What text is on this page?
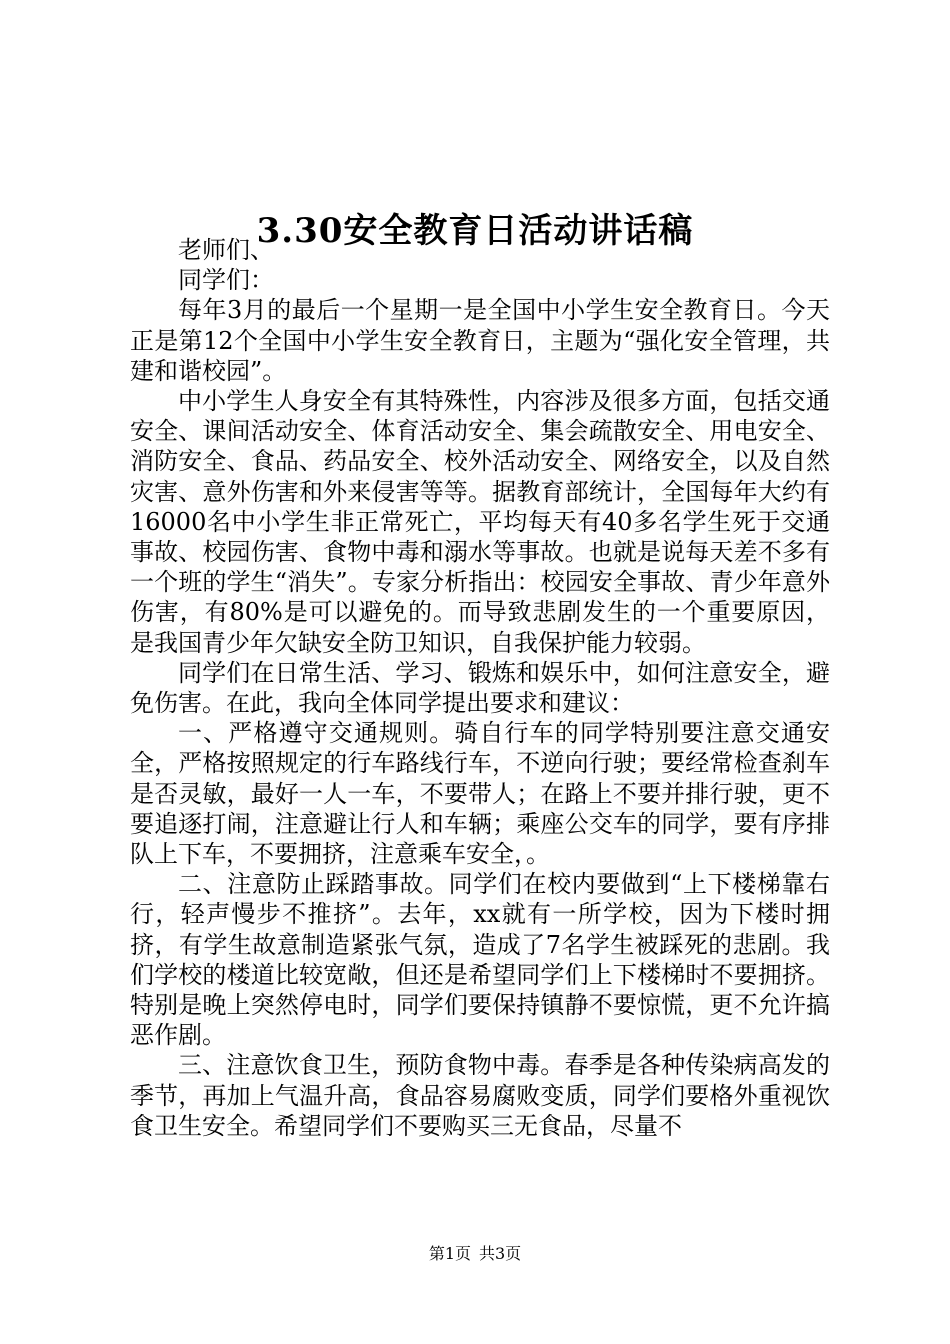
3.30安全教育日活动讲话稿

老师们、

同学们：

每年3月的最后一个星期一是全国中小学生安全教育日。今天正是第12个全国中小学生安全教育日，主题为“强化安全管理，共建和谐校园”。

中小学生人身安全有其特殊性，内容涉及很多方面，包括交通安全、课间活动安全、体育活动安全、集会疏散安全、用电安全、消防安全、食品、药品安全、校外活动安全、网络安全，以及自然灾害、意外伤害和外来侵害等等。据教育部统计，全国每年大约有16000名中小学生非正常死亡，平均每天有40多名学生死于交通事故、校园伤害、食物中毒和溺水等事故。也就是说每天差不多有一个班的学生“消失”。专家分析指出：校园安全事故、青少年意外伤害，有80%是可以避免的。而导致悲剧发生的一个重要原因，是我国青少年欠缺安全防卫知识，自我保护能力较弱。

同学们在日常生活、学习、锻炼和娱乐中，如何注意安全，避免伤害。在此，我向全体同学提出要求和建议：

一、严格遵守交通规则。骑自行车的同学特别要注意交通安全，严格按照规定的行车路线行车，不逆向行驶；要经常检查刹车是否灵敏，最好一人一车，不要带人；在路上不要并排行驶，更不要追逐打闹，注意避让行人和车辆；乘座公交车的同学，要有序排队上下车，不要拥挤，注意乘车安全，。

二、注意防止踩踏事故。同学们在校内要做到“上下楼梯靠右行，轻声慢步不推挤”。去年，xx就有一所学校，因为下楼时拥挤，有学生故意制造紧张气氛，造成了7名学生被踩死的悲剧。我们学校的楼道比较宽敞，但还是希望同学们上下楼梯时不要拥挤。特别是晚上突然停电时，同学们要保持镇静不要惊慌，更不允许搞恶作剧。

三、注意饮食卫生，预防食物中毒。春季是各种传染病高发的季节，再加上气温升高，食品容易腐败变质，同学们要格外重视饮食卫生安全。希望同学们不要购买三无食品，尽量不

第1页 共3页
